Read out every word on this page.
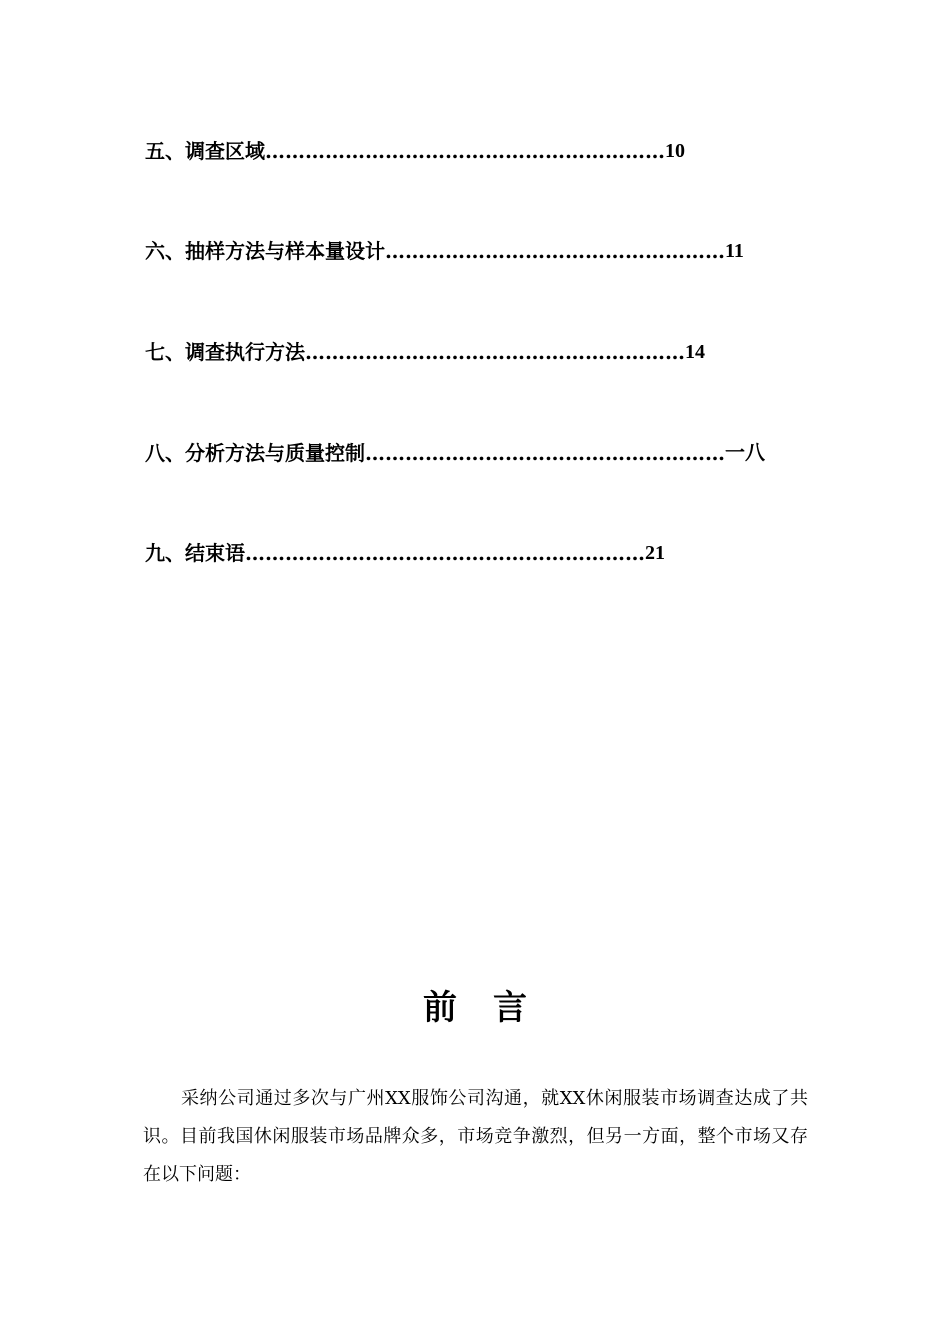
五、调查区域……………………………………………………10
六、抽样方法与样本量设计……………………………………………11
七、调查执行方法…………………………………………………14
八、分析方法与质量控制………………………………………………一八
九、结束语……………………………………………………21
前言

采纳公司通过多次与广州XX服饰公司沟通，就XX休闲服装市场调查达成了共识。目前我国休闲服装市场品牌众多，市场竞争激烈，但另一方面，整个市场又存在以下问题：
